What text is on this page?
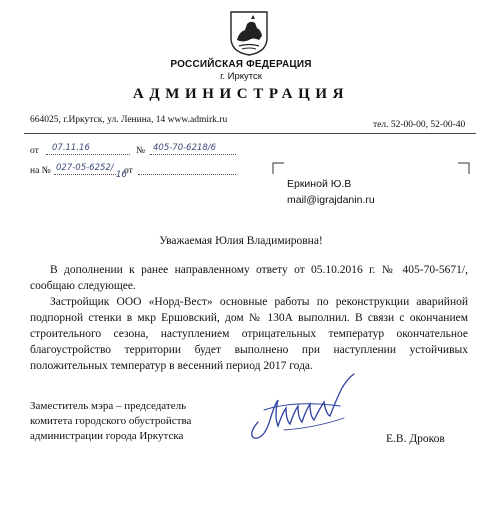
РОССИЙСКАЯ ФЕДЕРАЦИЯ
г. Иркутск
АДМИНИСТРАЦИЯ
664025, г.Иркутск, ул. Ленина, 14 www.admirk.ru	тел. 52-00-00, 52-00-40
от 07.11.16	№ 405-70-6218/6
на № 027-05-6252/
16
от
Еркиной Ю.В
mail@igrajdanin.ru
Уважаемая Юлия Владимировна!
В дополнении к ранее направленному ответу от 05.10.2016 г. № 405-70-5671/, сообщаю следующее.
Застройщик ООО «Норд-Вест» основные работы по реконструкции аварийной подпорной стенки в мкр Ершовский, дом № 130А выполнил. В связи с окончанием строительного сезона, наступлением отрицательных температур окончательное благоустройство территории будет выполнено при наступлении устойчивых положительных температур в весенний период 2017 года.
Заместитель мэра – председатель
комитета городского обустройства
администрации города Иркутска	Е.В. Дроков
